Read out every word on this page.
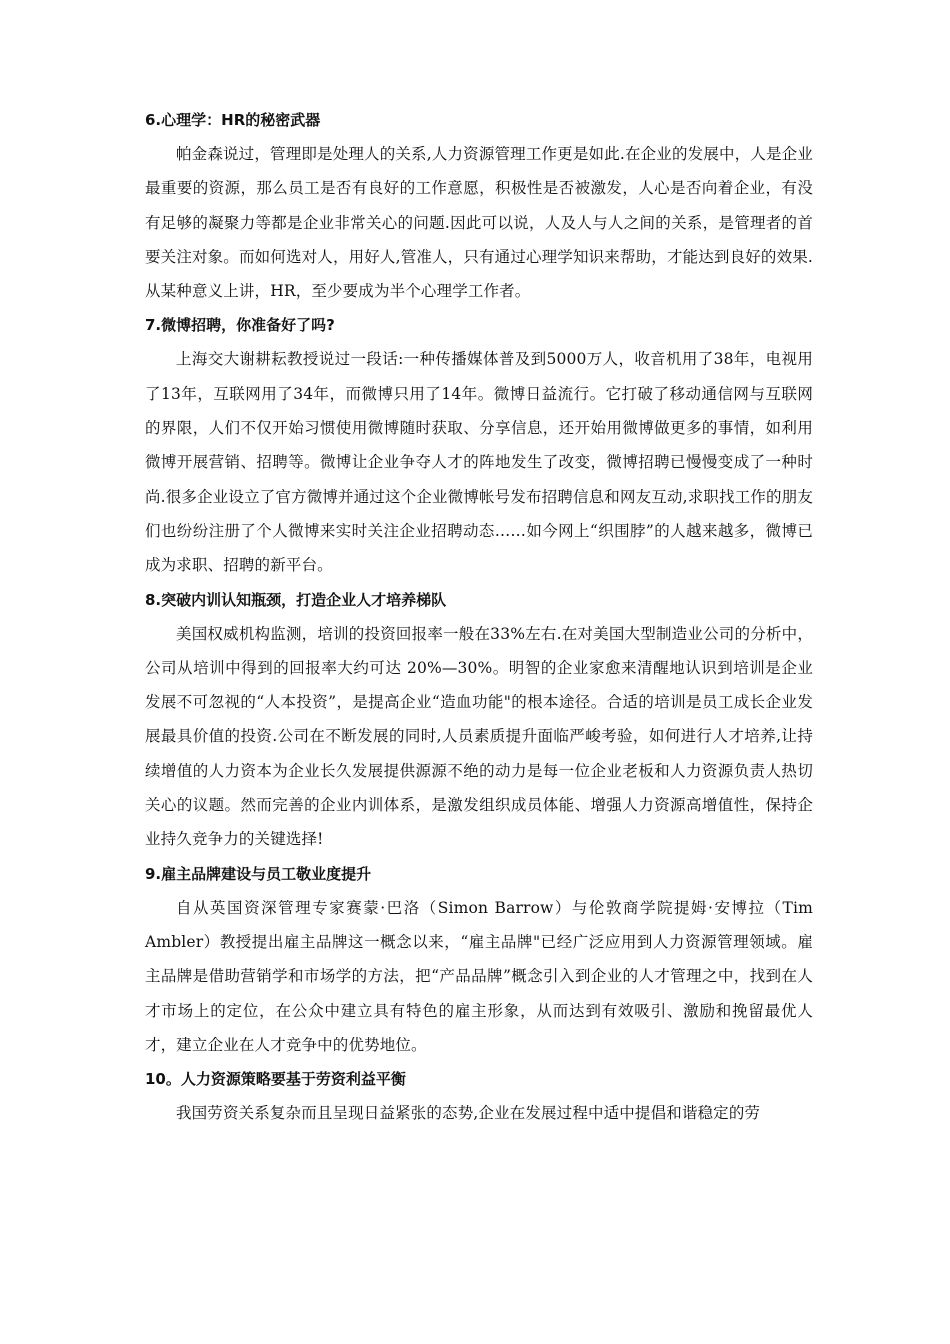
6.心理学：HR的秘密武器

帕金森说过，管理即是处理人的关系,人力资源管理工作更是如此.在企业的发展中，人是企业最重要的资源，那么员工是否有良好的工作意愿，积极性是否被激发，人心是否向着企业，有没有足够的凝聚力等都是企业非常关心的问题.因此可以说，人及人与人之间的关系，是管理者的首要关注对象。而如何选对人，用好人,管准人，只有通过心理学知识来帮助，才能达到良好的效果.从某种意义上讲，HR，至少要成为半个心理学工作者。

7.微博招聘，你准备好了吗?

上海交大谢耕耘教授说过一段话:一种传播媒体普及到5000万人，收音机用了38年，电视用了13年，互联网用了34年，而微博只用了14年。微博日益流行。它打破了移动通信网与互联网的界限，人们不仅开始习惯使用微博随时获取、分享信息，还开始用微博做更多的事情，如利用微博开展营销、招聘等。微博让企业争夺人才的阵地发生了改变，微博招聘已慢慢变成了一种时尚.很多企业设立了官方微博并通过这个企业微博帐号发布招聘信息和网友互动,求职找工作的朋友们也纷纷注册了个人微博来实时关注企业招聘动态……如今网上“织围脖”的人越来越多，微博已成为求职、招聘的新平台。

8.突破内训认知瓶颈，打造企业人才培养梯队

美国权威机构监测，培训的投资回报率一般在33%左右.在对美国大型制造业公司的分析中，公司从培训中得到的回报率大约可达 20%—30%。明智的企业家愈来清醒地认识到培训是企业发展不可忽视的“人本投资”，是提高企业“造血功能"的根本途径。合适的培训是员工成长企业发展最具价值的投资.公司在不断发展的同时,人员素质提升面临严峻考验，如何进行人才培养,让持续增值的人力资本为企业长久发展提供源源不绝的动力是每一位企业老板和人力资源负责人热切关心的议题。然而完善的企业内训体系，是激发组织成员体能、增强人力资源高增值性，保持企业持久竞争力的关键选择!

9.雇主品牌建设与员工敬业度提升

自从英国资深管理专家赛蒙·巴洛（Simon Barrow）与伦敦商学院提姆·安博拉（Tim Ambler）教授提出雇主品牌这一概念以来，“雇主品牌"已经广泛应用到人力资源管理领域。雇主品牌是借助营销学和市场学的方法，把“产品品牌”概念引入到企业的人才管理之中，找到在人才市场上的定位，在公众中建立具有特色的雇主形象，从而达到有效吸引、激励和挽留最优人才，建立企业在人才竞争中的优势地位。

10。人力资源策略要基于劳资利益平衡

我国劳资关系复杂而且呈现日益紧张的态势,企业在发展过程中适中提倡和谐稳定的劳
